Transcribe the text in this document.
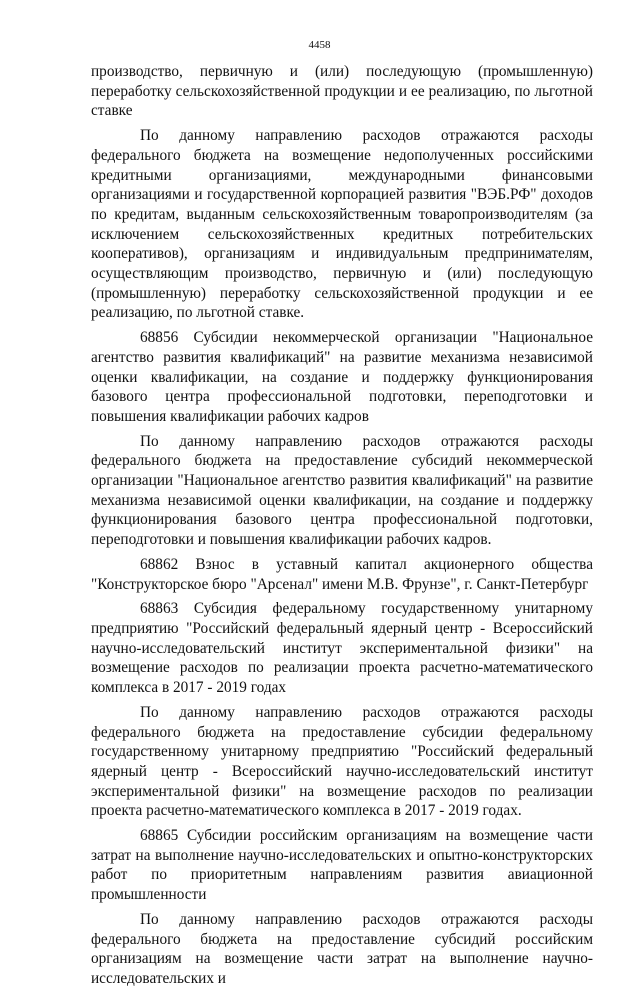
4458

производство, первичную и (или) последующую (промышленную) переработку сельскохозяйственной продукции и ее реализацию, по льготной ставке

По данному направлению расходов отражаются расходы федерального бюджета на возмещение недополученных российскими кредитными организациями, международными финансовыми организациями и государственной корпорацией развития "ВЭБ.РФ" доходов по кредитам, выданным сельскохозяйственным товаропроизводителям (за исключением сельскохозяйственных кредитных потребительских кооперативов), организациям и индивидуальным предпринимателям, осуществляющим производство, первичную и (или) последующую (промышленную) переработку сельскохозяйственной продукции и ее реализацию, по льготной ставке.

68856 Субсидии некоммерческой организации "Национальное агентство развития квалификаций" на развитие механизма независимой оценки квалификации, на создание и поддержку функционирования базового центра профессиональной подготовки, переподготовки и повышения квалификации рабочих кадров

По данному направлению расходов отражаются расходы федерального бюджета на предоставление субсидий некоммерческой организации "Национальное агентство развития квалификаций" на развитие механизма независимой оценки квалификации, на создание и поддержку функционирования базового центра профессиональной подготовки, переподготовки и повышения квалификации рабочих кадров.

68862 Взнос в уставный капитал акционерного общества "Конструкторское бюро "Арсенал" имени М.В. Фрунзе", г. Санкт-Петербург

68863 Субсидия федеральному государственному унитарному предприятию "Российский федеральный ядерный центр - Всероссийский научно-исследовательский институт экспериментальной физики" на возмещение расходов по реализации проекта расчетно-математического комплекса в 2017 - 2019 годах

По данному направлению расходов отражаются расходы федерального бюджета на предоставление субсидии федеральному государственному унитарному предприятию "Российский федеральный ядерный центр - Всероссийский научно-исследовательский институт экспериментальной физики" на возмещение расходов по реализации проекта расчетно-математического комплекса в 2017 - 2019 годах.

68865 Субсидии российским организациям на возмещение части затрат на выполнение научно-исследовательских и опытно-конструкторских работ по приоритетным направлениям развития авиационной промышленности

По данному направлению расходов отражаются расходы федерального бюджета на предоставление субсидий российским организациям на возмещение части затрат на выполнение научно-исследовательских и
